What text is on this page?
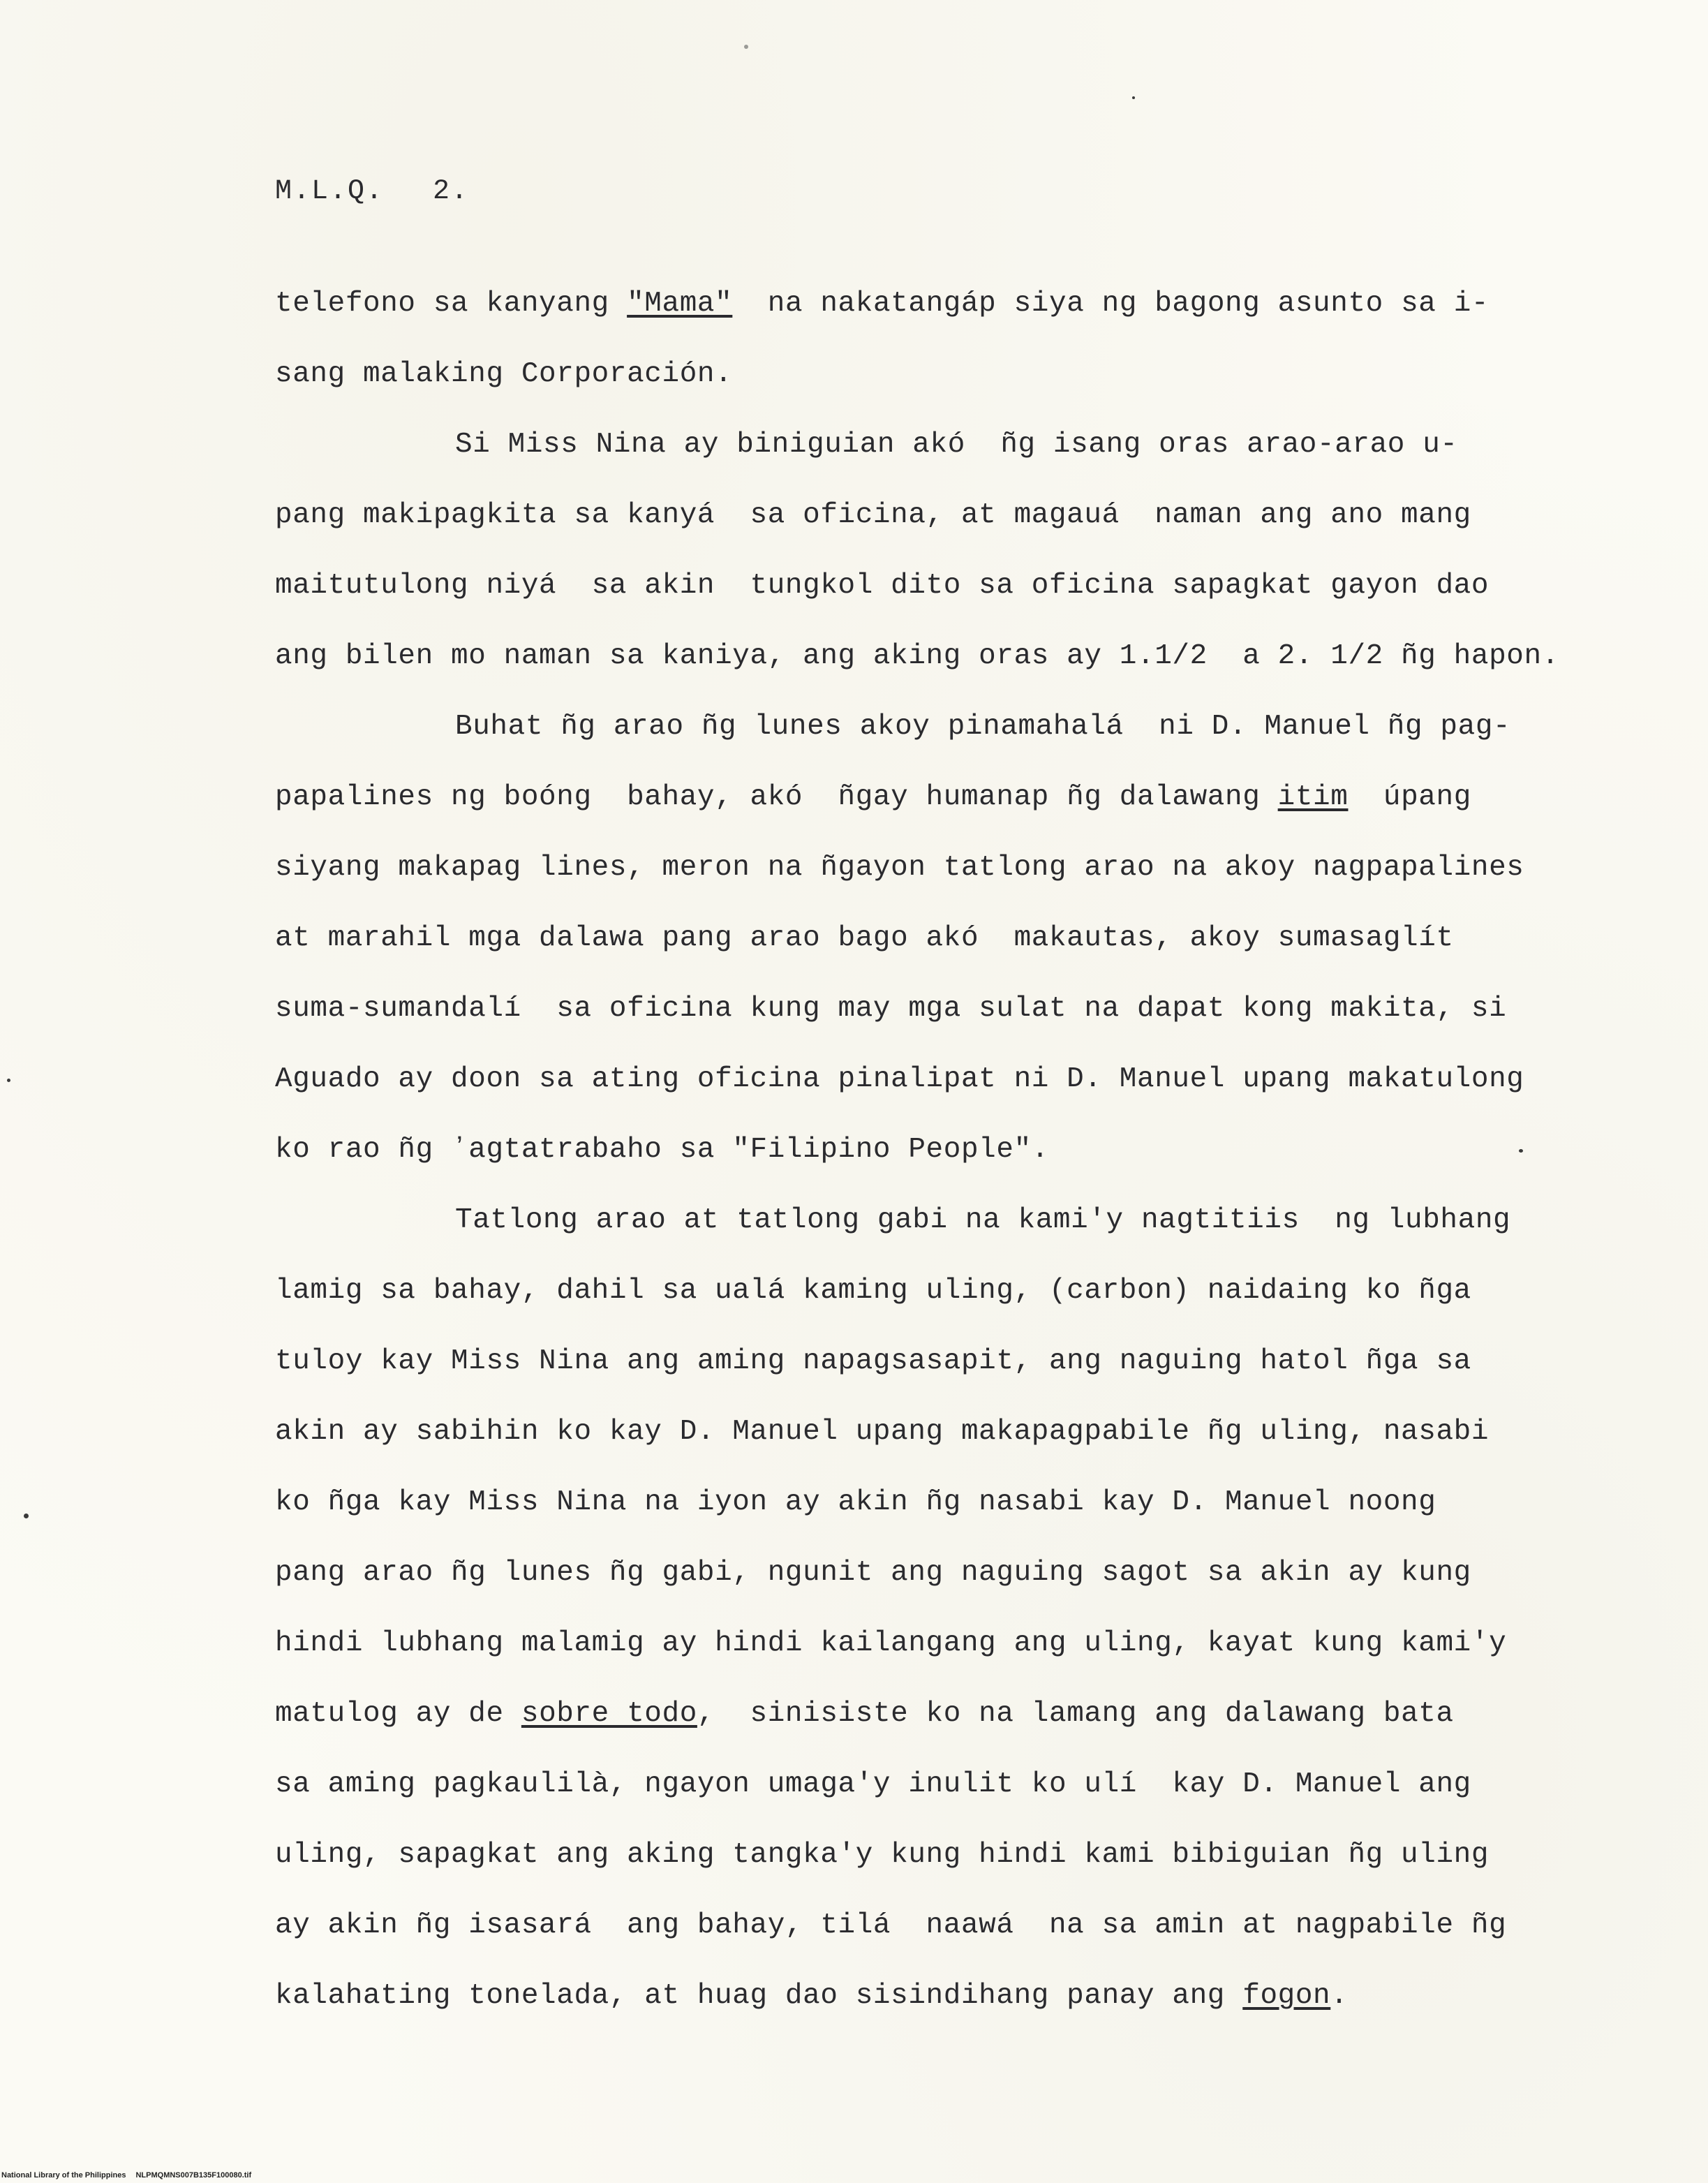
M.L.Q. 2.
telefono sa kanyang "Mama"  na nakatangáp siya ng bagong asunto sa i-
sang malaking Corporación.
Si Miss Nina ay biniguian akó  ñg isang oras arao-arao u-
pang makipagkita sa kanyá  sa oficina, at magauá  naman ang ano mang
maitutulong niyá  sa akin  tungkol dito sa oficina sapagkat gayon dao
ang bilen mo naman sa kaniya, ang aking oras ay 1.1/2  a 2. 1/2 ñg hapon.
Buhat ñg arao ñg lunes akoy pinamahalá  ni D. Manuel ñg pag-
papalines ng boóng  bahay, akó  ñgay humanap ñg dalawang itim  úpang
siyang makapag lines, meron na ñgayon tatlong arao na akoy nagpapalines
at marahil mga dalawa pang arao bago akó  makautas, akoy sumasaglít
suma-sumandalí  sa oficina kung may mga sulat na dapat kong makita, si
Aguado ay doon sa ating oficina pinalipat ni D. Manuel upang makatulong
ko rao ñg ʼagtatrabaho sa "Filipino People".
Tatlong arao at tatlong gabi na kami'y nagtitiis  ng lubhang
lamig sa bahay, dahil sa ualá kaming uling, (carbon) naidaing ko ñga
tuloy kay Miss Nina ang aming napagsasapit, ang naguing hatol ñga sa
akin ay sabihin ko kay D. Manuel upang makapagpabile ñg uling, nasabi
ko ñga kay Miss Nina na iyon ay akin ñg nasabi kay D. Manuel noong
pang arao ñg lunes ñg gabi, ngunit ang naguing sagot sa akin ay kung
hindi lubhang malamig ay hindi kailangang ang uling, kayat kung kami'y
matulog ay de sobre todo,  sinisiste ko na lamang ang dalawang bata
sa aming pagkaulilà, ngayon umaga'y inulit ko ulí  kay D. Manuel ang
uling, sapagkat ang aking tangka'y kung hindi kami bibiguian ñg uling
ay akin ñg isasará  ang bahay, tilá  naawá  na sa amin at nagpabile ñg
kalahating tonelada, at huag dao sisindihang panay ang fogon.
National Library of the Philippines NLPMQMNS007B135F100080.tif
